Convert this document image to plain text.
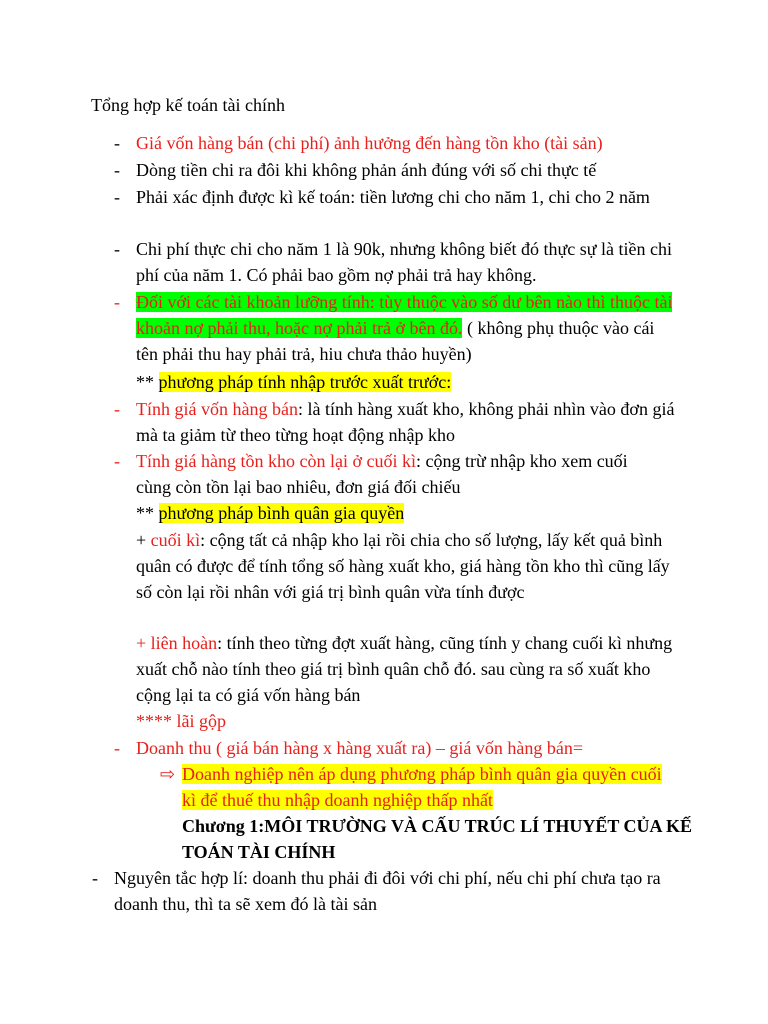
Tổng hợp kế toán tài chính
- Giá vốn hàng bán (chi phí) ảnh hưởng đến hàng tồn kho (tài sản)
- Dòng tiền chi ra đôi khi không phản ánh đúng với số chi thực tế
- Phải xác định được kì kế toán: tiền lương chi cho năm 1, chi cho 2 năm
- Chi phí thực chi cho năm 1 là 90k, nhưng không biết đó thực sự là tiền chi phí của năm 1. Có phải bao gồm nợ phải trả hay không.
- Đối với các tài khoản lưỡng tính: tùy thuộc vào số dư bên nào thì thuộc tài khoản nợ phải thu, hoặc nợ phải trả ở bên đó. ( không phụ thuộc vào cái tên phải thu hay phải trả, hiu chưa thảo huyền)
** phương pháp tính nhập trước xuất trước:
- Tính giá vốn hàng bán: là tính hàng xuất kho, không phải nhìn vào đơn giá mà ta giảm từ theo từng hoạt động nhập kho
- Tính giá hàng tồn kho còn lại ở cuối kì: cộng trừ nhập kho xem cuối cùng còn tồn lại bao nhiêu, đơn giá đối chiếu
** phương pháp bình quân gia quyền
+ cuối kì: cộng tất cả nhập kho lại rồi chia cho số lượng, lấy kết quả bình quân có được để tính tổng số hàng xuất kho, giá hàng tồn kho thì cũng lấy số còn lại rồi nhân với giá trị bình quân vừa tính được
+ liên hoàn: tính theo từng đợt xuất hàng, cũng tính y chang cuối kì nhưng xuất chỗ nào tính theo giá trị bình quân chỗ đó. sau cùng ra số xuất kho cộng lại ta có giá vốn hàng bán
**** lãi gộp
- Doanh thu ( giá bán hàng x hàng xuất ra) – giá vốn hàng bán=
⇨ Doanh nghiệp nên áp dụng phương pháp bình quân gia quyền cuối kì để thuế thu nhập doanh nghiệp thấp nhất
Chương 1:MÔI TRƯỜNG VÀ CẤU TRÚC LÍ THUYẾT CỦA KẾ TOÁN TÀI CHÍNH
- Nguyên tắc hợp lí: doanh thu phải đi đôi với chi phí, nếu chi phí chưa tạo ra doanh thu, thì ta sẽ xem đó là tài sản
